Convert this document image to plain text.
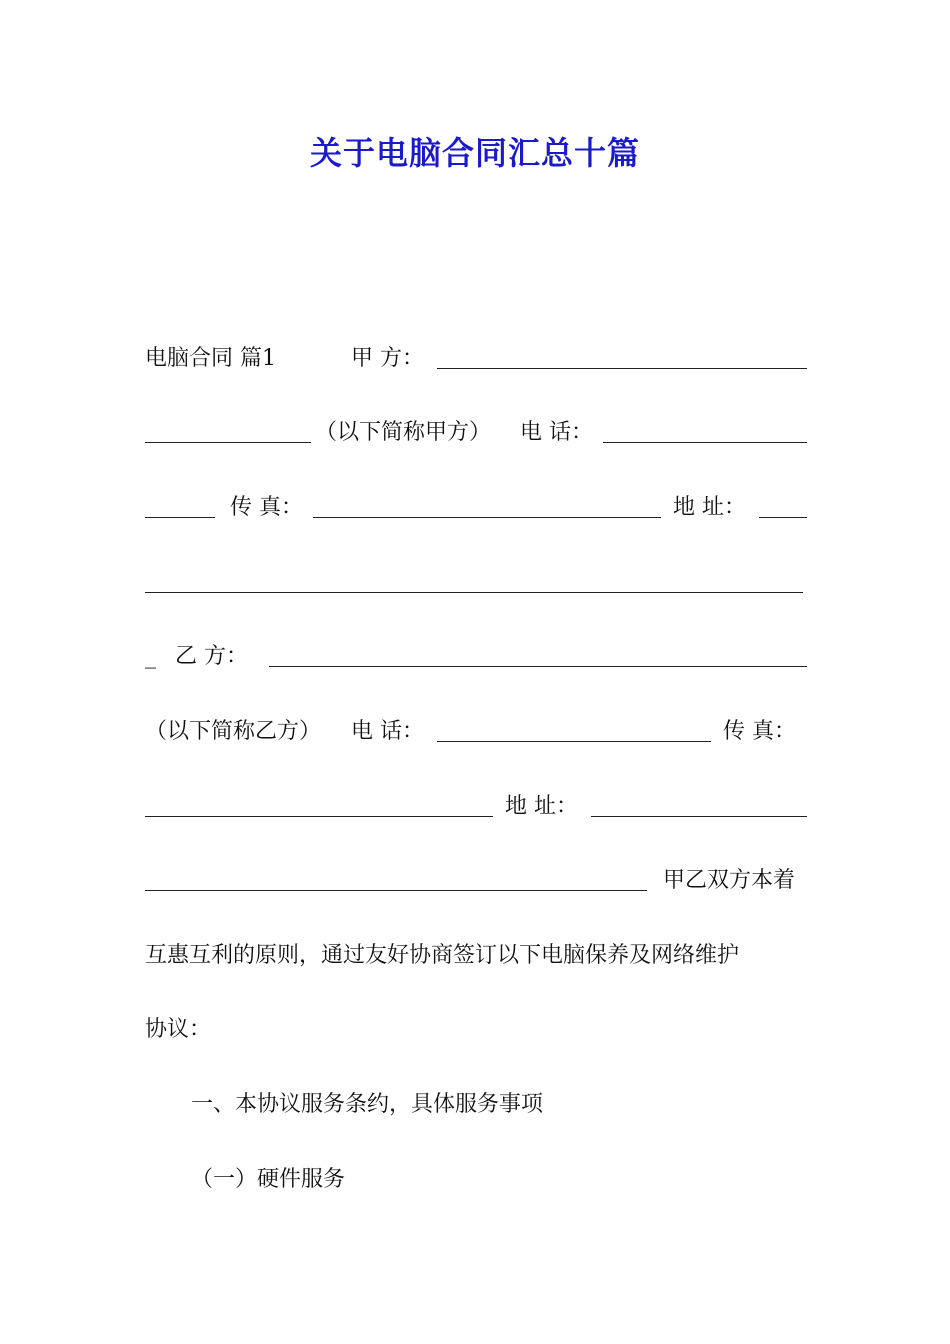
关于电脑合同汇总十篇
电脑合同 篇1	甲 方：
（以下简称甲方） 电 话：
传 真：	地 址：
_ 乙 方：
（以下简称乙方） 电 话：	传 真：
地 址：
甲乙双方本着
互惠互利的原则，通过友好协商签订以下电脑保养及网络维护
协议：
一、本协议服务条约，具体服务事项
（一）硬件服务
